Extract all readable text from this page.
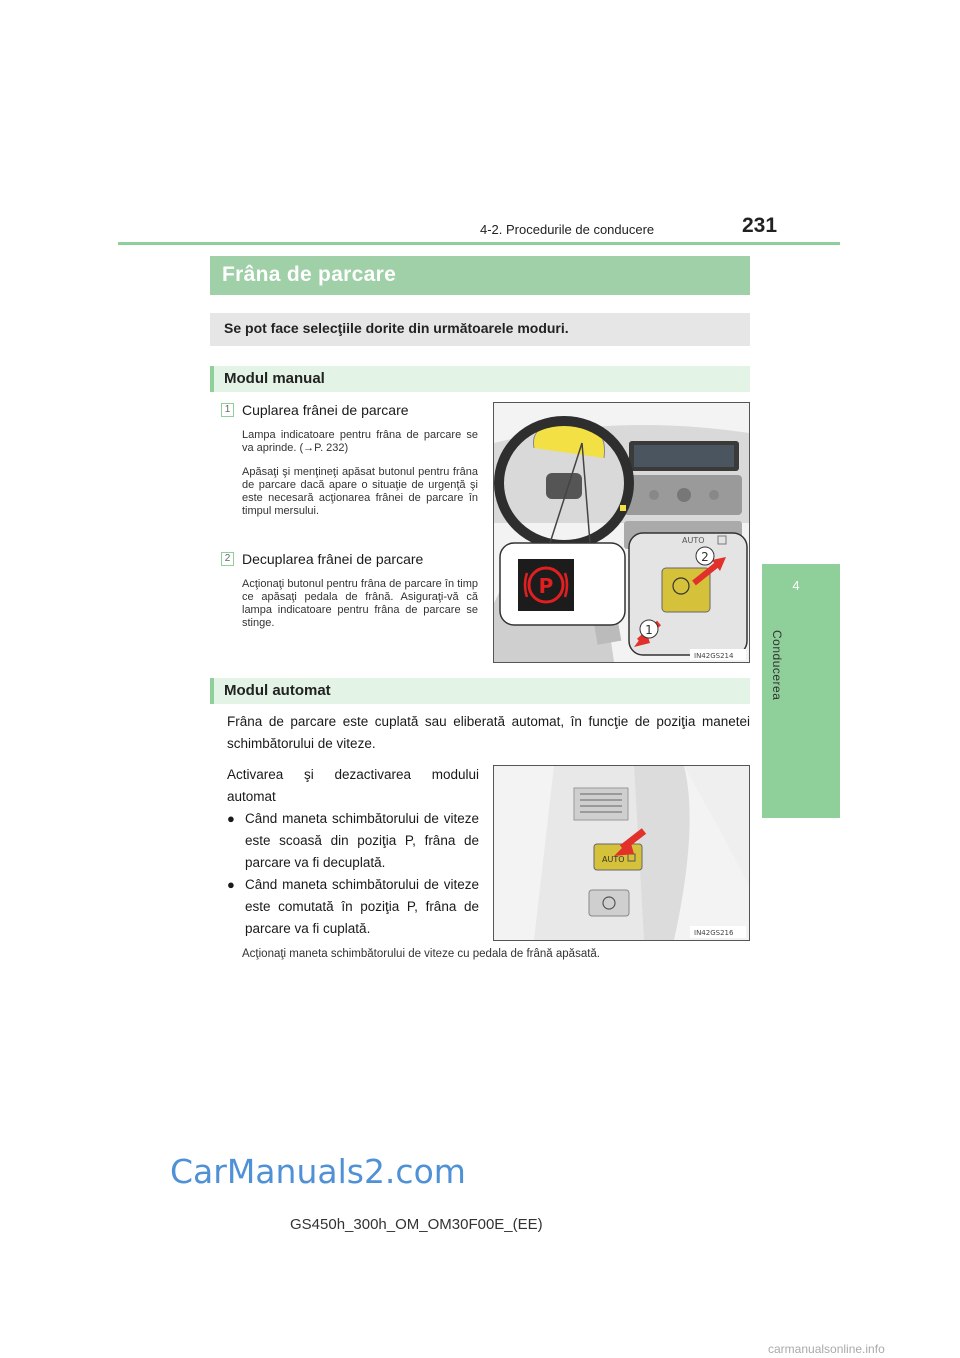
4-2. Procedurile de conducere	231
4
Conducerea
Frâna de parcare
Se pot face selecţiile dorite din următoarele moduri.
Modul manual
1 Cuplarea frânei de parcare
Lampa indicatoare pentru frâna de parcare se va aprinde. (→P. 232)
Apăsaţi şi menţineţi apăsat butonul pentru frâna de parcare dacă apare o situaţie de urgenţă şi este necesară acţionarea frânei de parcare în timpul mersului.
2 Decuplarea frânei de parcare
Acţionaţi butonul pentru frâna de parcare în timp ce apăsaţi pedala de frână. Asiguraţi-vă că lampa indicatoare pentru frâna de parcare se stinge.
P
AUTO
2
1
IN42GS214
Modul automat
Frâna de parcare este cuplată sau eliberată automat, în funcţie de poziţia manetei schimbătorului de viteze.
Activarea şi dezactivarea modului automat
● Când maneta schimbătorului de viteze este scoasă din poziţia P, frâna de parcare va fi decuplată.
● Când maneta schimbătorului de viteze este comutată în poziţia P, frâna de parcare va fi cuplată.
Acţionaţi maneta schimbătorului de viteze cu pedala de frână apăsată.
AUTO
IN42GS216
CarManuals2.com
GS450h_300h_OM_OM30F00E_(EE)
carmanualsonline.info
